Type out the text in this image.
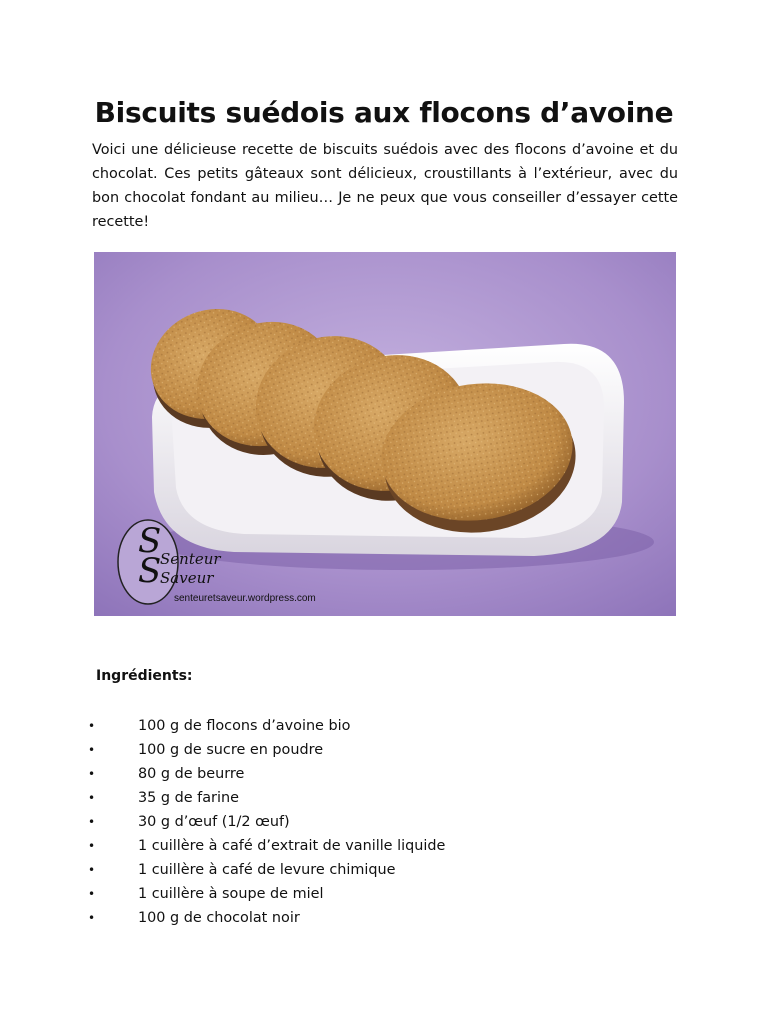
Biscuits suédois aux flocons d’avoine

Voici une délicieuse recette de biscuits suédois avec des flocons d’avoine et du chocolat. Ces petits gâteaux sont délicieux, croustillants à l’extérieur, avec du bon chocolat fondant au milieu… Je ne peux que vous conseiller d’essayer cette recette!

S
S
Senteur
Saveur
senteuretsaveur.wordpress.com
Ingrédients:
•	100 g de flocons d’avoine bio
•	100 g de sucre en poudre
•	80 g de beurre
•	35 g de farine
•	30 g d’œuf (1/2 œuf)
•	1 cuillère à café d’extrait de vanille liquide
•	1 cuillère à café de levure chimique
•	1 cuillère à soupe de miel
•	100 g de chocolat noir
